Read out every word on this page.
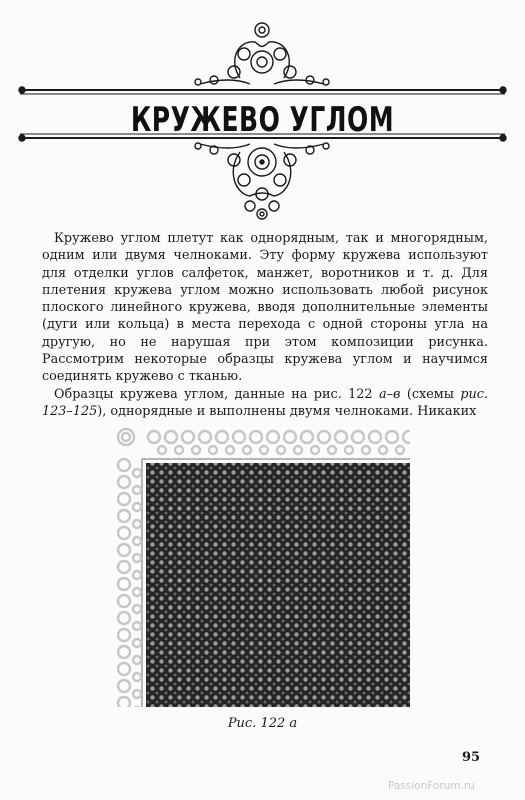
КРУЖЕВО УГЛОМ

Кружево углом плетут как однорядным, так и многорядным, одним или двумя челноками. Эту форму кружева используют для отделки углов салфеток, манжет, воротников и т. д. Для плетения кружева углом можно использовать любой рисунок плоского линейного кружева, вводя дополнительные элементы (дуги или кольца) в места перехода с одной стороны угла на другую, но не нарушая при этом композиции рисунка. Рассмотрим некоторые образцы кружева углом и научимся соединять кружево с тканью.

Образцы кружева углом, данные на рис. 122 а–в (схемы рис. 123–125), однорядные и выполнены двумя челноками. Никаких

Рис. 122 а
95
PassionForum.ru
